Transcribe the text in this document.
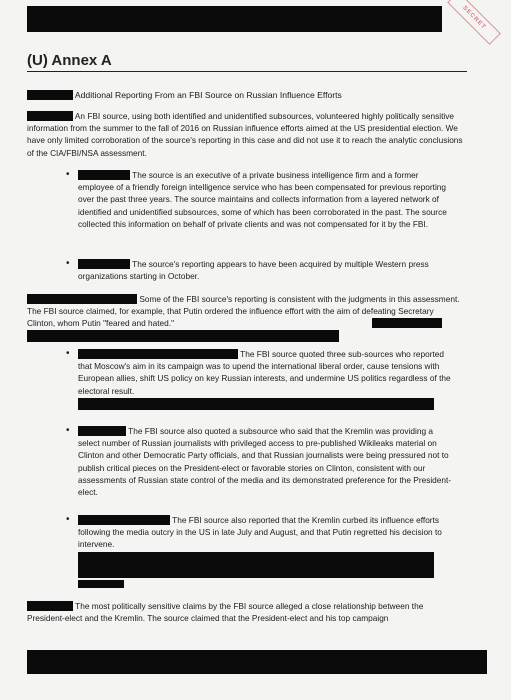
SECRET
(U) Annex A
Additional Reporting From an FBI Source on Russian Influence Efforts
An FBI source, using both identified and unidentified subsources, volunteered highly politically sensitive information from the summer to the fall of 2016 on Russian influence efforts aimed at the US presidential election. We have only limited corroboration of the source's reporting in this case and did not use it to reach the analytic conclusions of the CIA/FBI/NSA assessment.
•	The source is an executive of a private business intelligence firm and a former employee of a friendly foreign intelligence service who has been compensated for previous reporting over the past three years. The source maintains and collects information from a layered network of identified and unidentified subsources, some of which has been corroborated in the past. The source collected this information on behalf of private clients and was not compensated for it by the FBI.
•	The source's reporting appears to have been acquired by multiple Western press organizations starting in October.
Some of the FBI source's reporting is consistent with the judgments in this assessment. The FBI source claimed, for example, that Putin ordered the influence effort with the aim of defeating Secretary Clinton, whom Putin "feared and hated."
•	The FBI source quoted three sub-sources who reported that Moscow's aim in its campaign was to upend the international liberal order, cause tensions with European allies, shift US policy on key Russian interests, and undermine US politics regardless of the electoral result.
•	The FBI source also quoted a subsource who said that the Kremlin was providing a select number of Russian journalists with privileged access to pre-published Wikileaks material on Clinton and other Democratic Party officials, and that Russian journalists were being pressured not to publish critical pieces on the President-elect or favorable stories on Clinton, consistent with our assessments of Russian state control of the media and its demonstrated preference for the President-elect.
•	The FBI source also reported that the Kremlin curbed its influence efforts following the media outcry in the US in late July and August, and that Putin regretted his decision to intervene.
The most politically sensitive claims by the FBI source alleged a close relationship between the President-elect and the Kremlin. The source claimed that the President-elect and his top campaign
